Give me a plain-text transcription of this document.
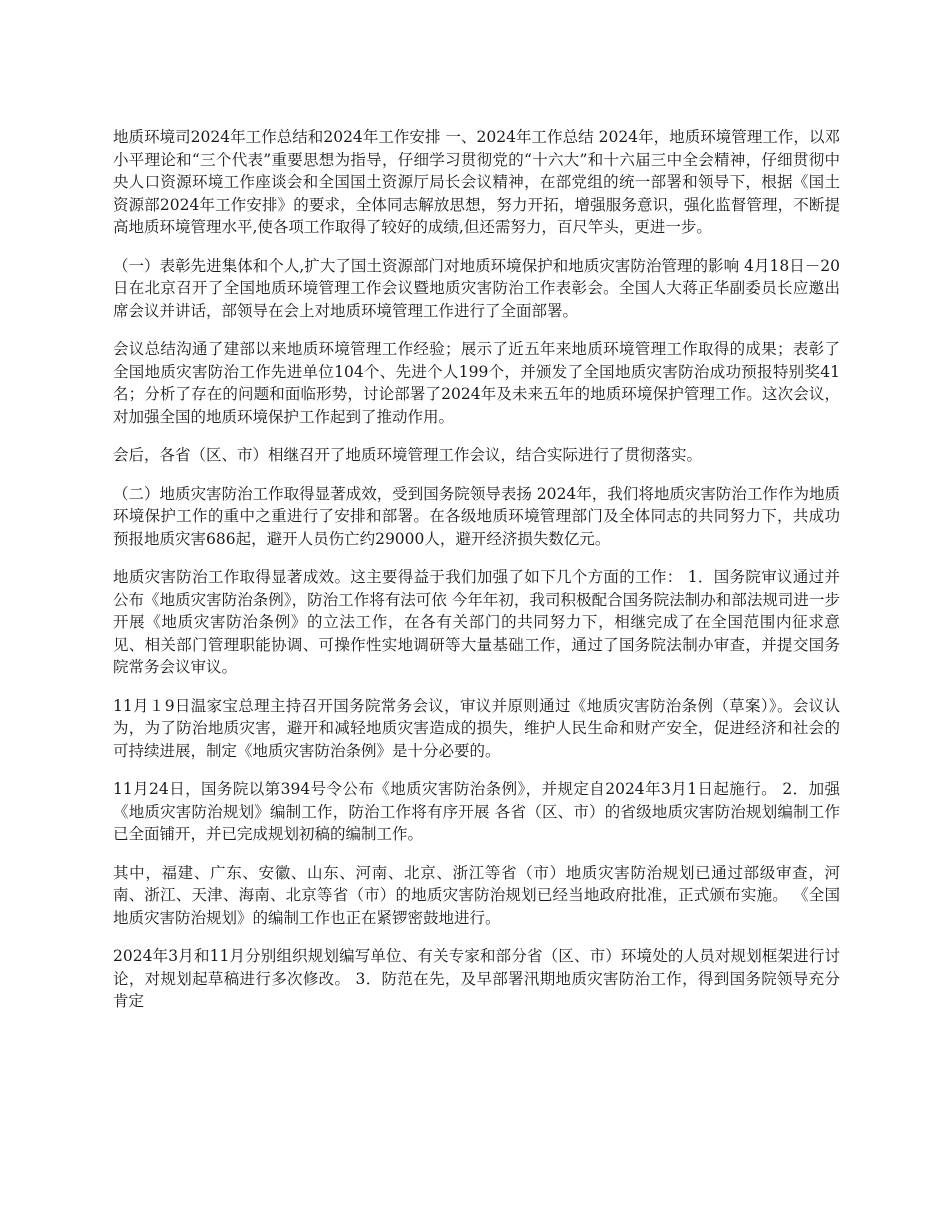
地质环境司2024年工作总结和2024年工作安排 一、2024年工作总结 2024年，地质环境管理工作，以邓小平理论和“三个代表”重要思想为指导，仔细学习贯彻党的“十六大”和十六届三中全会精神，仔细贯彻中央人口资源环境工作座谈会和全国国土资源厅局长会议精神，在部党组的统一部署和领导下，根据《国土资源部2024年工作安排》的要求，全体同志解放思想，努力开拓，增强服务意识，强化监督管理，不断提高地质环境管理水平,使各项工作取得了较好的成绩,但还需努力，百尺竿头，更进一步。

（一）表彰先进集体和个人,扩大了国土资源部门对地质环境保护和地质灾害防治管理的影响 4月18日－20日在北京召开了全国地质环境管理工作会议暨地质灾害防治工作表彰会。全国人大蒋正华副委员长应邀出席会议并讲话，部领导在会上对地质环境管理工作进行了全面部署。

会议总结沟通了建部以来地质环境管理工作经验；展示了近五年来地质环境管理工作取得的成果；表彰了全国地质灾害防治工作先进单位104个、先进个人199个，并颁发了全国地质灾害防治成功预报特别奖41名；分析了存在的问题和面临形势，讨论部署了2024年及未来五年的地质环境保护管理工作。这次会议，对加强全国的地质环境保护工作起到了推动作用。

会后，各省（区、市）相继召开了地质环境管理工作会议，结合实际进行了贯彻落实。

（二）地质灾害防治工作取得显著成效，受到国务院领导表扬 2024年，我们将地质灾害防治工作作为地质环境保护工作的重中之重进行了安排和部署。在各级地质环境管理部门及全体同志的共同努力下，共成功预报地质灾害686起，避开人员伤亡约29000人，避开经济损失数亿元。

地质灾害防治工作取得显著成效。这主要得益于我们加强了如下几个方面的工作： 1．国务院审议通过并公布《地质灾害防治条例》，防治工作将有法可依 今年年初，我司积极配合国务院法制办和部法规司进一步开展《地质灾害防治条例》的立法工作，在各有关部门的共同努力下，相继完成了在全国范围内征求意见、相关部门管理职能协调、可操作性实地调研等大量基础工作，通过了国务院法制办审查，并提交国务院常务会议审议。

11月１9日温家宝总理主持召开国务院常务会议，审议并原则通过《地质灾害防治条例（草案）》。会议认为，为了防治地质灾害，避开和减轻地质灾害造成的损失，维护人民生命和财产安全，促进经济和社会的可持续进展，制定《地质灾害防治条例》是十分必要的。

11月24日，国务院以第394号令公布《地质灾害防治条例》，并规定自2024年3月1日起施行。 2．加强《地质灾害防治规划》编制工作，防治工作将有序开展 各省（区、市）的省级地质灾害防治规划编制工作已全面铺开，并已完成规划初稿的编制工作。

其中，福建、广东、安徽、山东、河南、北京、浙江等省（市）地质灾害防治规划已通过部级审查，河南、浙江、天津、海南、北京等省（市）的地质灾害防治规划已经当地政府批准，正式颁布实施。 《全国地质灾害防治规划》的编制工作也正在紧锣密鼓地进行。

2024年3月和11月分别组织规划编写单位、有关专家和部分省（区、市）环境处的人员对规划框架进行讨论，对规划起草稿进行多次修改。 3．防范在先，及早部署汛期地质灾害防治工作，得到国务院领导充分肯定
